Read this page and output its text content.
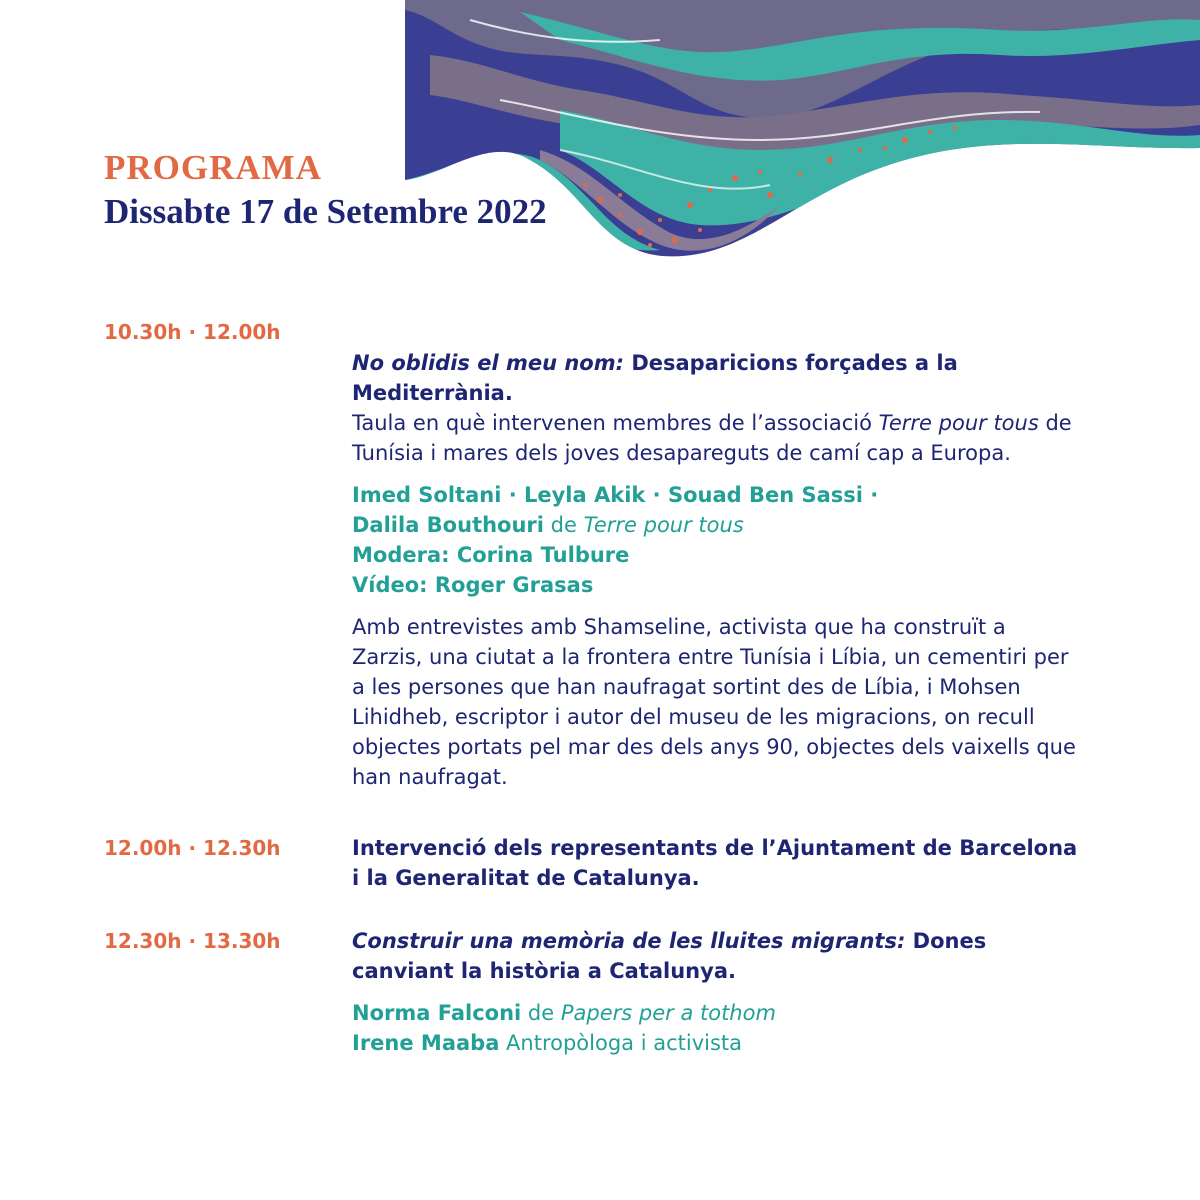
PROGRAMA
Dissabte 17 de Setembre 2022
10.30h · 12.00h

No oblidis el meu nom: Desaparicions forçades a la Mediterrània.

Taula en què intervenen membres de l’associació Terre pour tous de Tunísia i mares dels joves desapareguts de camí cap a Europa.

Imed Soltani · Leyla Akik · Souad Ben Sassi ·

Dalila Bouthouri de Terre pour tous

Modera: Corina Tulbure

Vídeo: Roger Grasas

Amb entrevistes amb Shamseline, activista que ha construït a Zarzis, una ciutat a la frontera entre Tunísia i Líbia, un cementiri per a les persones que han naufragat sortint des de Líbia, i Mohsen Lihidheb, escriptor i autor del museu de les migracions, on recull objectes portats pel mar des dels anys 90, objectes dels vaixells que han naufragat.

12.00h · 12.30h	Intervenció dels representants de l’Ajuntament de Barcelona i la Generalitat de Catalunya.

12.30h · 13.30h	Construir una memòria de les lluites migrants: Dones canviant la història a Catalunya.

Norma Falconi de Papers per a tothom

Irene Maaba Antropòloga i activista
